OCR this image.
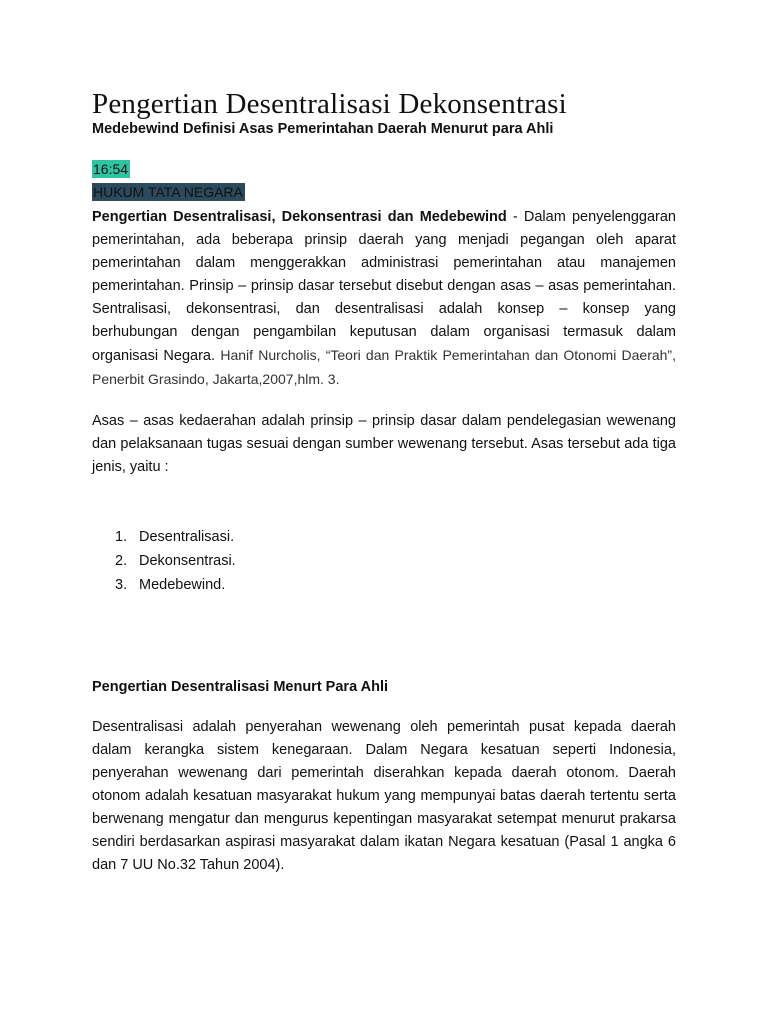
Pengertian Desentralisasi Dekonsentrasi

Medebewind Definisi Asas Pemerintahan Daerah Menurut para Ahli

16:54
HUKUM TATA NEGARA

Pengertian Desentralisasi, Dekonsentrasi dan Medebewind - Dalam penyelenggaran pemerintahan, ada beberapa prinsip daerah yang menjadi pegangan oleh aparat pemerintahan dalam menggerakkan administrasi pemerintahan atau manajemen pemerintahan. Prinsip – prinsip dasar tersebut disebut dengan asas – asas pemerintahan. Sentralisasi, dekonsentrasi, dan desentralisasi adalah konsep – konsep yang berhubungan dengan pengambilan keputusan dalam organisasi termasuk dalam organisasi Negara. Hanif Nurcholis, “Teori dan Praktik Pemerintahan dan Otonomi Daerah”, Penerbit Grasindo, Jakarta,2007,hlm. 3.

Asas – asas kedaerahan adalah prinsip – prinsip dasar dalam pendelegasian wewenang dan pelaksanaan tugas sesuai dengan sumber wewenang tersebut. Asas tersebut ada tiga jenis, yaitu :

1. Desentralisasi.
2. Dekonsentrasi.
3. Medebewind.

Pengertian Desentralisasi Menurt Para Ahli

Desentralisasi adalah penyerahan wewenang oleh pemerintah pusat kepada daerah dalam kerangka sistem kenegaraan. Dalam Negara kesatuan seperti Indonesia, penyerahan wewenang dari pemerintah diserahkan kepada daerah otonom. Daerah otonom adalah kesatuan masyarakat hukum yang mempunyai batas daerah tertentu serta berwenang mengatur dan mengurus kepentingan masyarakat setempat menurut prakarsa sendiri berdasarkan aspirasi masyarakat dalam ikatan Negara kesatuan (Pasal 1 angka 6 dan 7 UU No.32 Tahun 2004).
